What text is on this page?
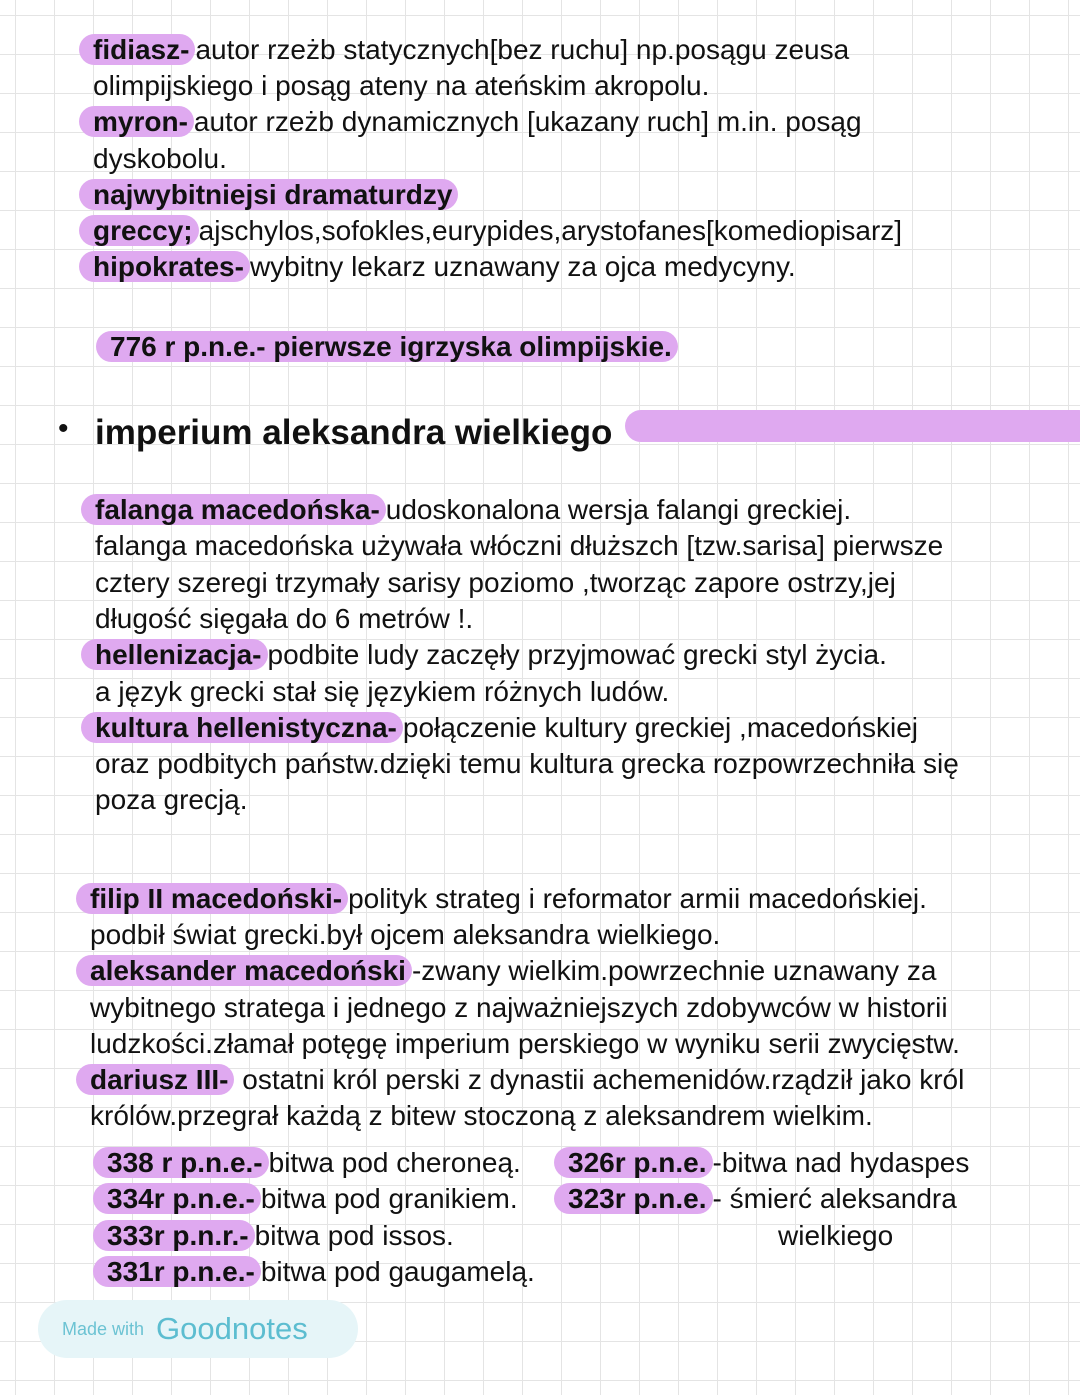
fidiasz- autor rzeżb statycznych[bez ruchu] np.posągu zeusa
olimpijskiego i posąg ateny na ateńskim akropolu.
myron- autor rzeżb dynamicznych [ukazany ruch] m.in. posąg
dyskobolu.
najwybitniejsi dramaturdzy
greccy; ajschylos,sofokles,eurypides,arystofanes[komediopisarz]
hipokrates- wybitny lekarz uznawany za ojca medycyny.
776 r p.n.e.- pierwsze igrzyska olimpijskie.
• imperium aleksandra wielkiego
falanga macedońska- udoskonalona wersja falangi greckiej.
falanga macedońska używała włóczni dłuższch [tzw.sarisa] pierwsze
cztery szeregi trzymały sarisy poziomo ,tworząc zapore ostrzy,jej
długość sięgała do 6 metrów !.
hellenizacja- podbite ludy zaczęły przyjmować grecki styl życia.
a język grecki stał się językiem różnych ludów.
kultura hellenistyczna- połączenie kultury greckiej ,macedońskiej
oraz podbitych państw.dzięki temu kultura grecka rozpowrzechniła się
poza grecją.
filip II macedoński- polityk strateg i reformator armii macedońskiej.
podbił świat grecki.był ojcem aleksandra wielkiego.
aleksander macedoński -zwany wielkim.powrzechnie uznawany za
wybitnego stratega i jednego z najważniejszych zdobywców w historii
ludzkości.złamał potęgę imperium perskiego w wyniku serii zwycięstw.
dariusz III- ostatni król perski z dynastii achemenidów.rządził jako król
królów.przegrał każdą z bitew stoczoną z aleksandrem wielkim.
338 r p.n.e.- bitwa pod cheroneą.
334r p.n.e.- bitwa pod granikiem.
333r p.n.r.- bitwa pod issos.
331r p.n.e.- bitwa pod gaugamelą.
326r p.n.e. -bitwa nad hydaspes
323r p.n.e. - śmierć aleksandra
wielkiego
Made with Goodnotes
